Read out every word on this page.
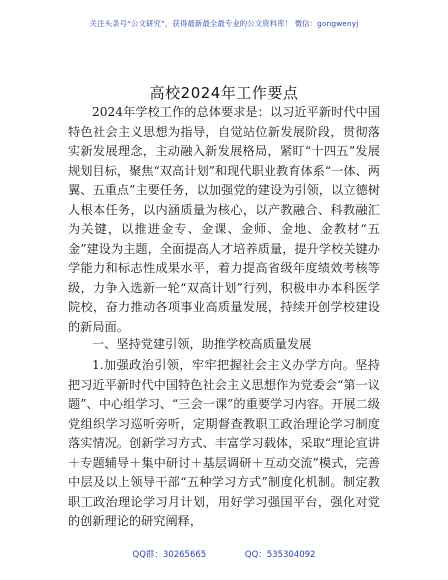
关注头条号“公文研究”，获得最新最全最专业的公文资料库！ 微信：gongwenyj
高校2024年工作要点
2024年学校工作的总体要求是：以习近平新时代中国特色社会主义思想为指导，自觉站位新发展阶段，贯彻落实新发展理念，主动融入新发展格局，紧盯“十四五”发展规划目标，聚焦“双高计划”和现代职业教育体系“一体、两翼、五重点”主要任务，以加强党的建设为引领，以立德树人根本任务，以内涵质量为核心，以产教融合、科教融汇为关键，以推进金专、金课、金师、金地、金教材“五金”建设为主题，全面提高人才培养质量，提升学校关键办学能力和标志性成果水平，着力提高省级年度绩效考核等级，力争入选新一轮“双高计划”行列，积极申办本科医学院校，奋力推动各项事业高质量发展，持续开创学校建设的新局面。
一、坚持党建引领，助推学校高质量发展
1.加强政治引领，牢牢把握社会主义办学方向。坚持把习近平新时代中国特色社会主义思想作为党委会“第一议题”、中心组学习、“三会一课”的重要学习内容。开展二级党组织学习巡听旁听，定期督查教职工政治理论学习制度落实情况。创新学习方式、丰富学习载体，采取“理论宣讲＋专题辅导＋集中研讨＋基层调研＋互动交流”模式，完善中层及以上领导干部“五种学习方式”制度化机制。制定教职工政治理论学习月计划，用好学习强国平台，强化对党的创新理论的研究阐释，
QQ群：30265665	QQ：535304092
